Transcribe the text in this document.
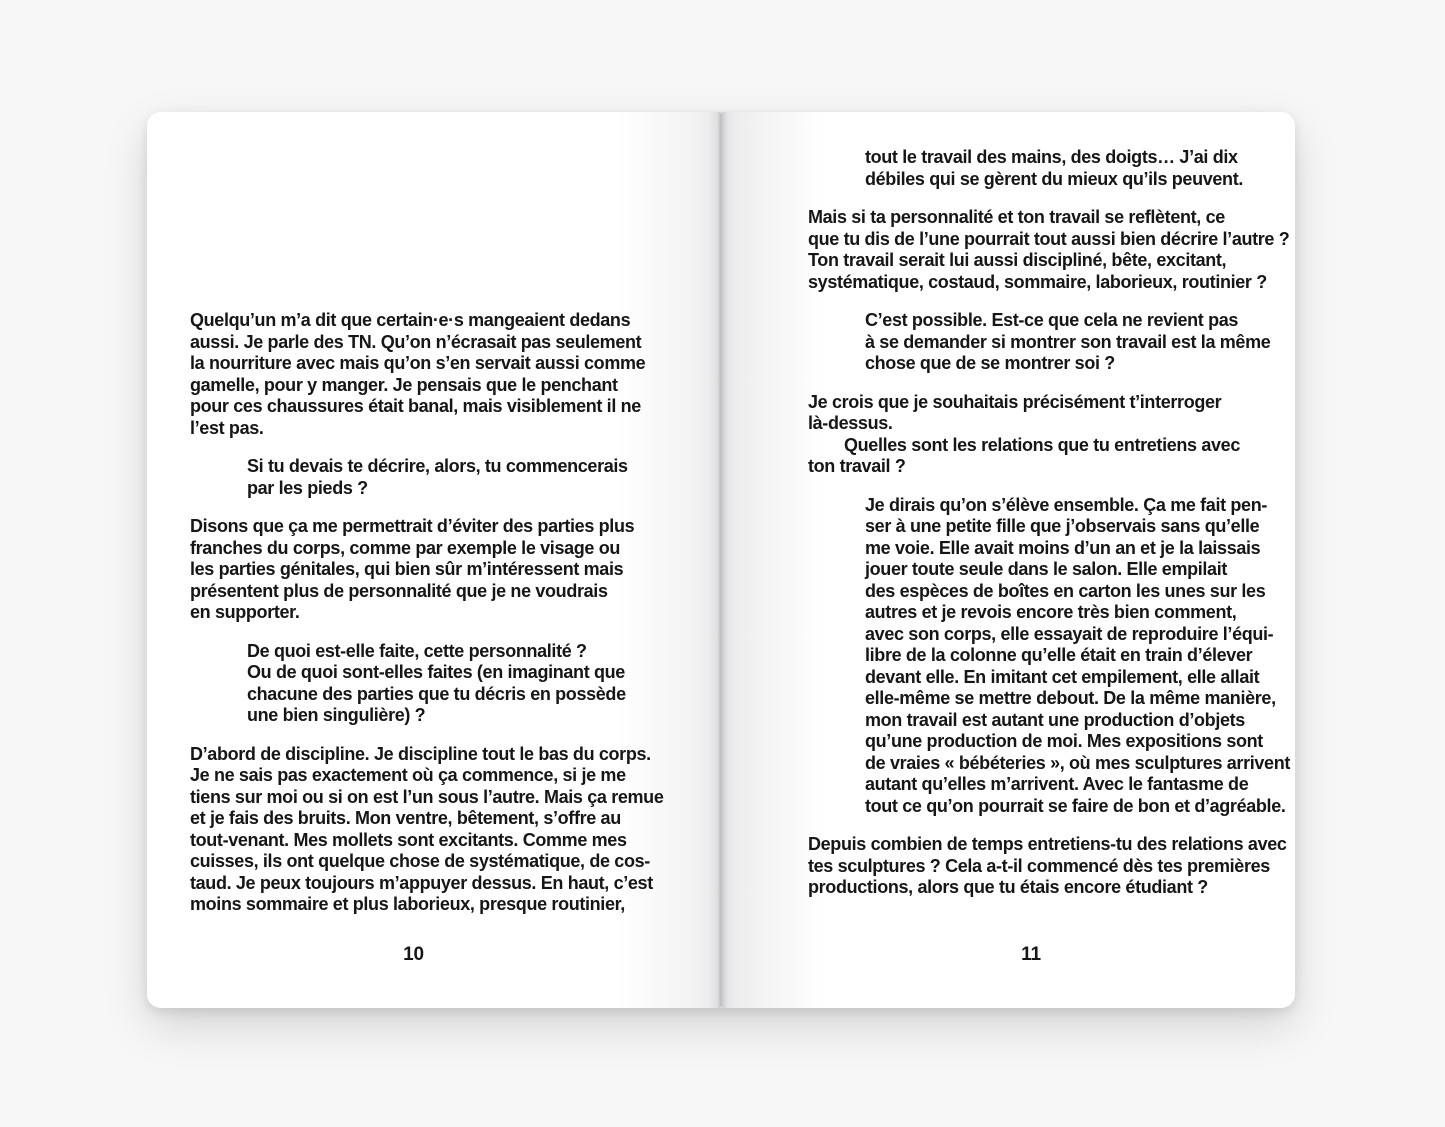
Quelqu’un m’a dit que certain·e·s mangeaient dedans
aussi. Je parle des TN. Qu’on n’écrasait pas seulement
la nourriture avec mais qu’on s’en servait aussi comme
gamelle, pour y manger. Je pensais que le penchant
pour ces chaussures était banal, mais visiblement il ne
l’est pas.
Si tu devais te décrire, alors, tu commencerais
par les pieds ?
Disons que ça me permettrait d’éviter des parties plus
franches du corps, comme par exemple le visage ou
les parties génitales, qui bien sûr m’intéressent mais
présentent plus de personnalité que je ne voudrais
en supporter.
De quoi est-elle faite, cette personnalité ?
Ou de quoi sont-elles faites (en imaginant que
chacune des parties que tu décris en possède
une bien singulière) ?
D’abord de discipline. Je discipline tout le bas du corps.
Je ne sais pas exactement où ça commence, si je me
tiens sur moi ou si on est l’un sous l’autre. Mais ça remue
et je fais des bruits. Mon ventre, bêtement, s’offre au
tout-venant. Mes mollets sont excitants. Comme mes
cuisses, ils ont quelque chose de systématique, de cos-
taud. Je peux toujours m’appuyer dessus. En haut, c’est
moins sommaire et plus laborieux, presque routinier,
10
tout le travail des mains, des doigts… J’ai dix
débiles qui se gèrent du mieux qu’ils peuvent.
Mais si ta personnalité et ton travail se reflètent, ce
que tu dis de l’une pourrait tout aussi bien décrire l’autre ?
Ton travail serait lui aussi discipliné, bête, excitant,
systématique, costaud, sommaire, laborieux, routinier ?
C’est possible. Est-ce que cela ne revient pas
à se demander si montrer son travail est la même
chose que de se montrer soi ?
Je crois que je souhaitais précisément t’interroger
là-dessus.
Quelles sont les relations que tu entretiens avec
ton travail ?
Je dirais qu’on s’élève ensemble. Ça me fait pen-
ser à une petite fille que j’observais sans qu’elle
me voie. Elle avait moins d’un an et je la laissais
jouer toute seule dans le salon. Elle empilait
des espèces de boîtes en carton les unes sur les
autres et je revois encore très bien comment,
avec son corps, elle essayait de reproduire l’équi-
libre de la colonne qu’elle était en train d’élever
devant elle. En imitant cet empilement, elle allait
elle-même se mettre debout. De la même manière,
mon travail est autant une production d’objets
qu’une production de moi. Mes expositions sont
de vraies « bébéteries », où mes sculptures arrivent
autant qu’elles m’arrivent. Avec le fantasme de
tout ce qu’on pourrait se faire de bon et d’agréable.
Depuis combien de temps entretiens-tu des relations avec
tes sculptures ? Cela a-t-il commencé dès tes premières
productions, alors que tu étais encore étudiant ?
11
